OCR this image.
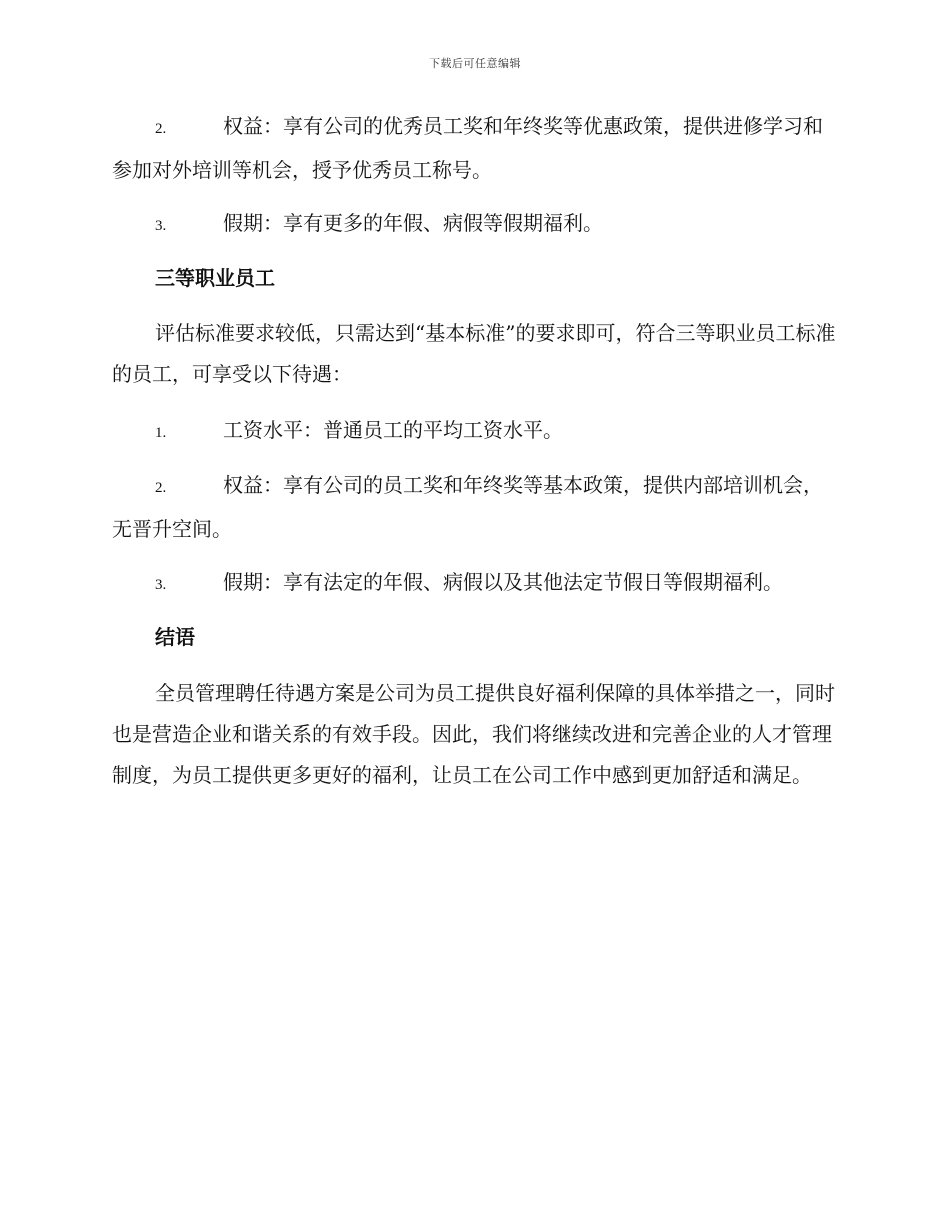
下载后可任意编辑

2.	权益：享有公司的优秀员工奖和年终奖等优惠政策，提供进修学习和参加对外培训等机会，授予优秀员工称号。

3.	假期：享有更多的年假、病假等假期福利。

三等职业员工

评估标准要求较低，只需达到“基本标准”的要求即可，符合三等职业员工标准的员工，可享受以下待遇：

1.	工资水平：普通员工的平均工资水平。

2.	权益：享有公司的员工奖和年终奖等基本政策，提供内部培训机会，无晋升空间。

3.	假期：享有法定的年假、病假以及其他法定节假日等假期福利。

结语

全员管理聘任待遇方案是公司为员工提供良好福利保障的具体举措之一，同时也是营造企业和谐关系的有效手段。因此，我们将继续改进和完善企业的人才管理制度，为员工提供更多更好的福利，让员工在公司工作中感到更加舒适和满足。
